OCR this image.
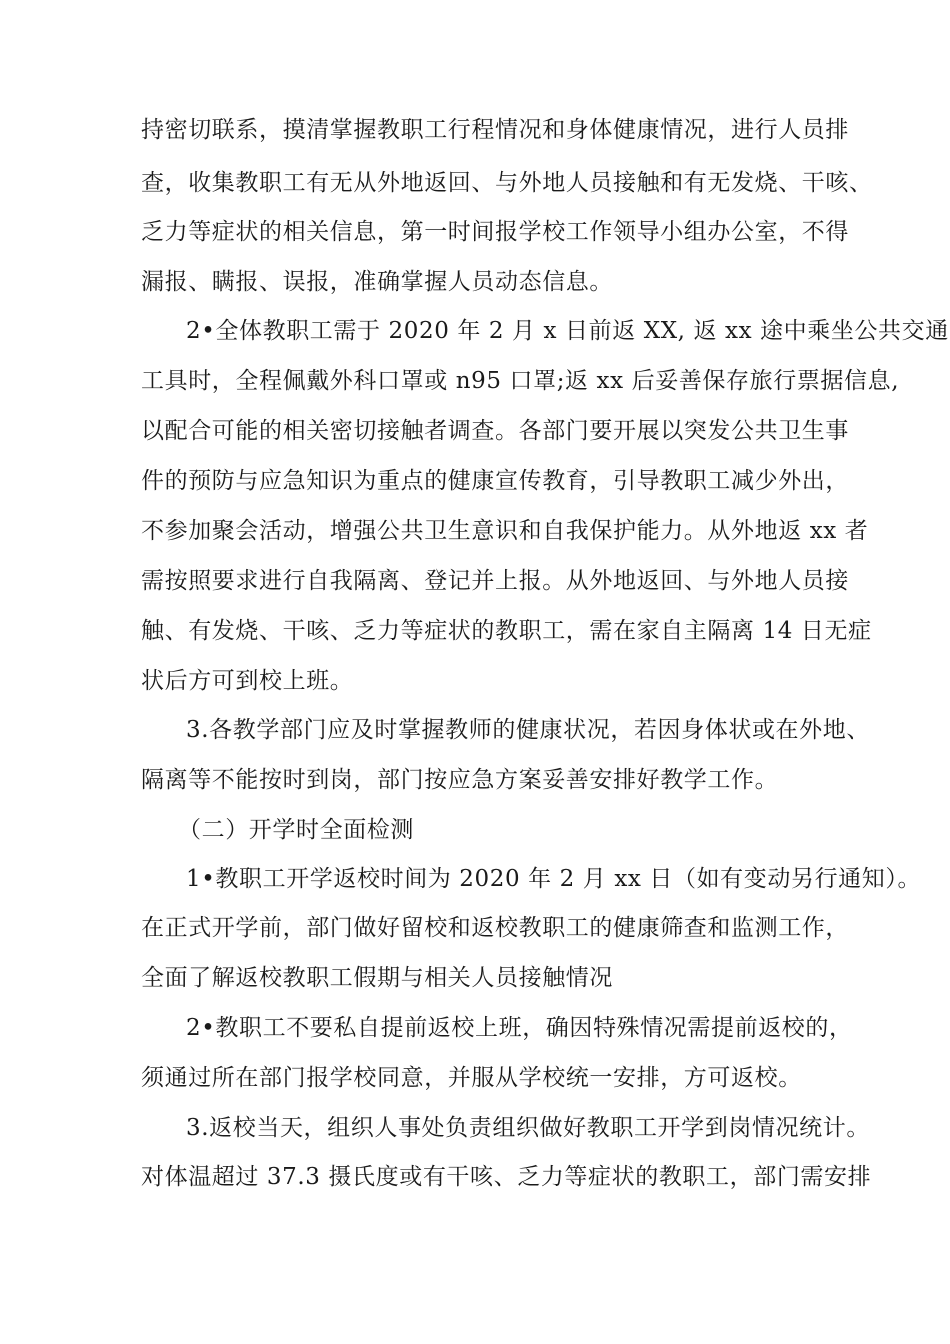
持密切联系，摸清掌握教职工行程情况和身体健康情况，进行人员排
查，收集教职工有无从外地返回、与外地人员接触和有无发烧、干咳、
乏力等症状的相关信息，第一时间报学校工作领导小组办公室，不得
漏报、瞒报、误报，准确掌握人员动态信息。
2•全体教职工需于 2020 年 2 月 x 日前返 XX, 返 xx 途中乘坐公共交通
工具时，全程佩戴外科口罩或 n95 口罩;返 xx 后妥善保存旅行票据信息,
以配合可能的相关密切接触者调查。各部门要开展以突发公共卫生事
件的预防与应急知识为重点的健康宣传教育，引导教职工减少外出，
不参加聚会活动，增强公共卫生意识和自我保护能力。从外地返 xx 者
需按照要求进行自我隔离、登记并上报。从外地返回、与外地人员接
触、有发烧、干咳、乏力等症状的教职工，需在家自主隔离 14 日无症
状后方可到校上班。
3.各教学部门应及时掌握教师的健康状况，若因身体状或在外地、
隔离等不能按时到岗，部门按应急方案妥善安排好教学工作。
（二）开学时全面检测
1•教职工开学返校时间为 2020 年 2 月 xx 日（如有变动另行通知）。
在正式开学前，部门做好留校和返校教职工的健康筛查和监测工作，
全面了解返校教职工假期与相关人员接触情况
2•教职工不要私自提前返校上班，确因特殊情况需提前返校的，
须通过所在部门报学校同意，并服从学校统一安排，方可返校。
3.返校当天，组织人事处负责组织做好教职工开学到岗情况统计。
对体温超过 37.3 摄氏度或有干咳、乏力等症状的教职工，部门需安排
